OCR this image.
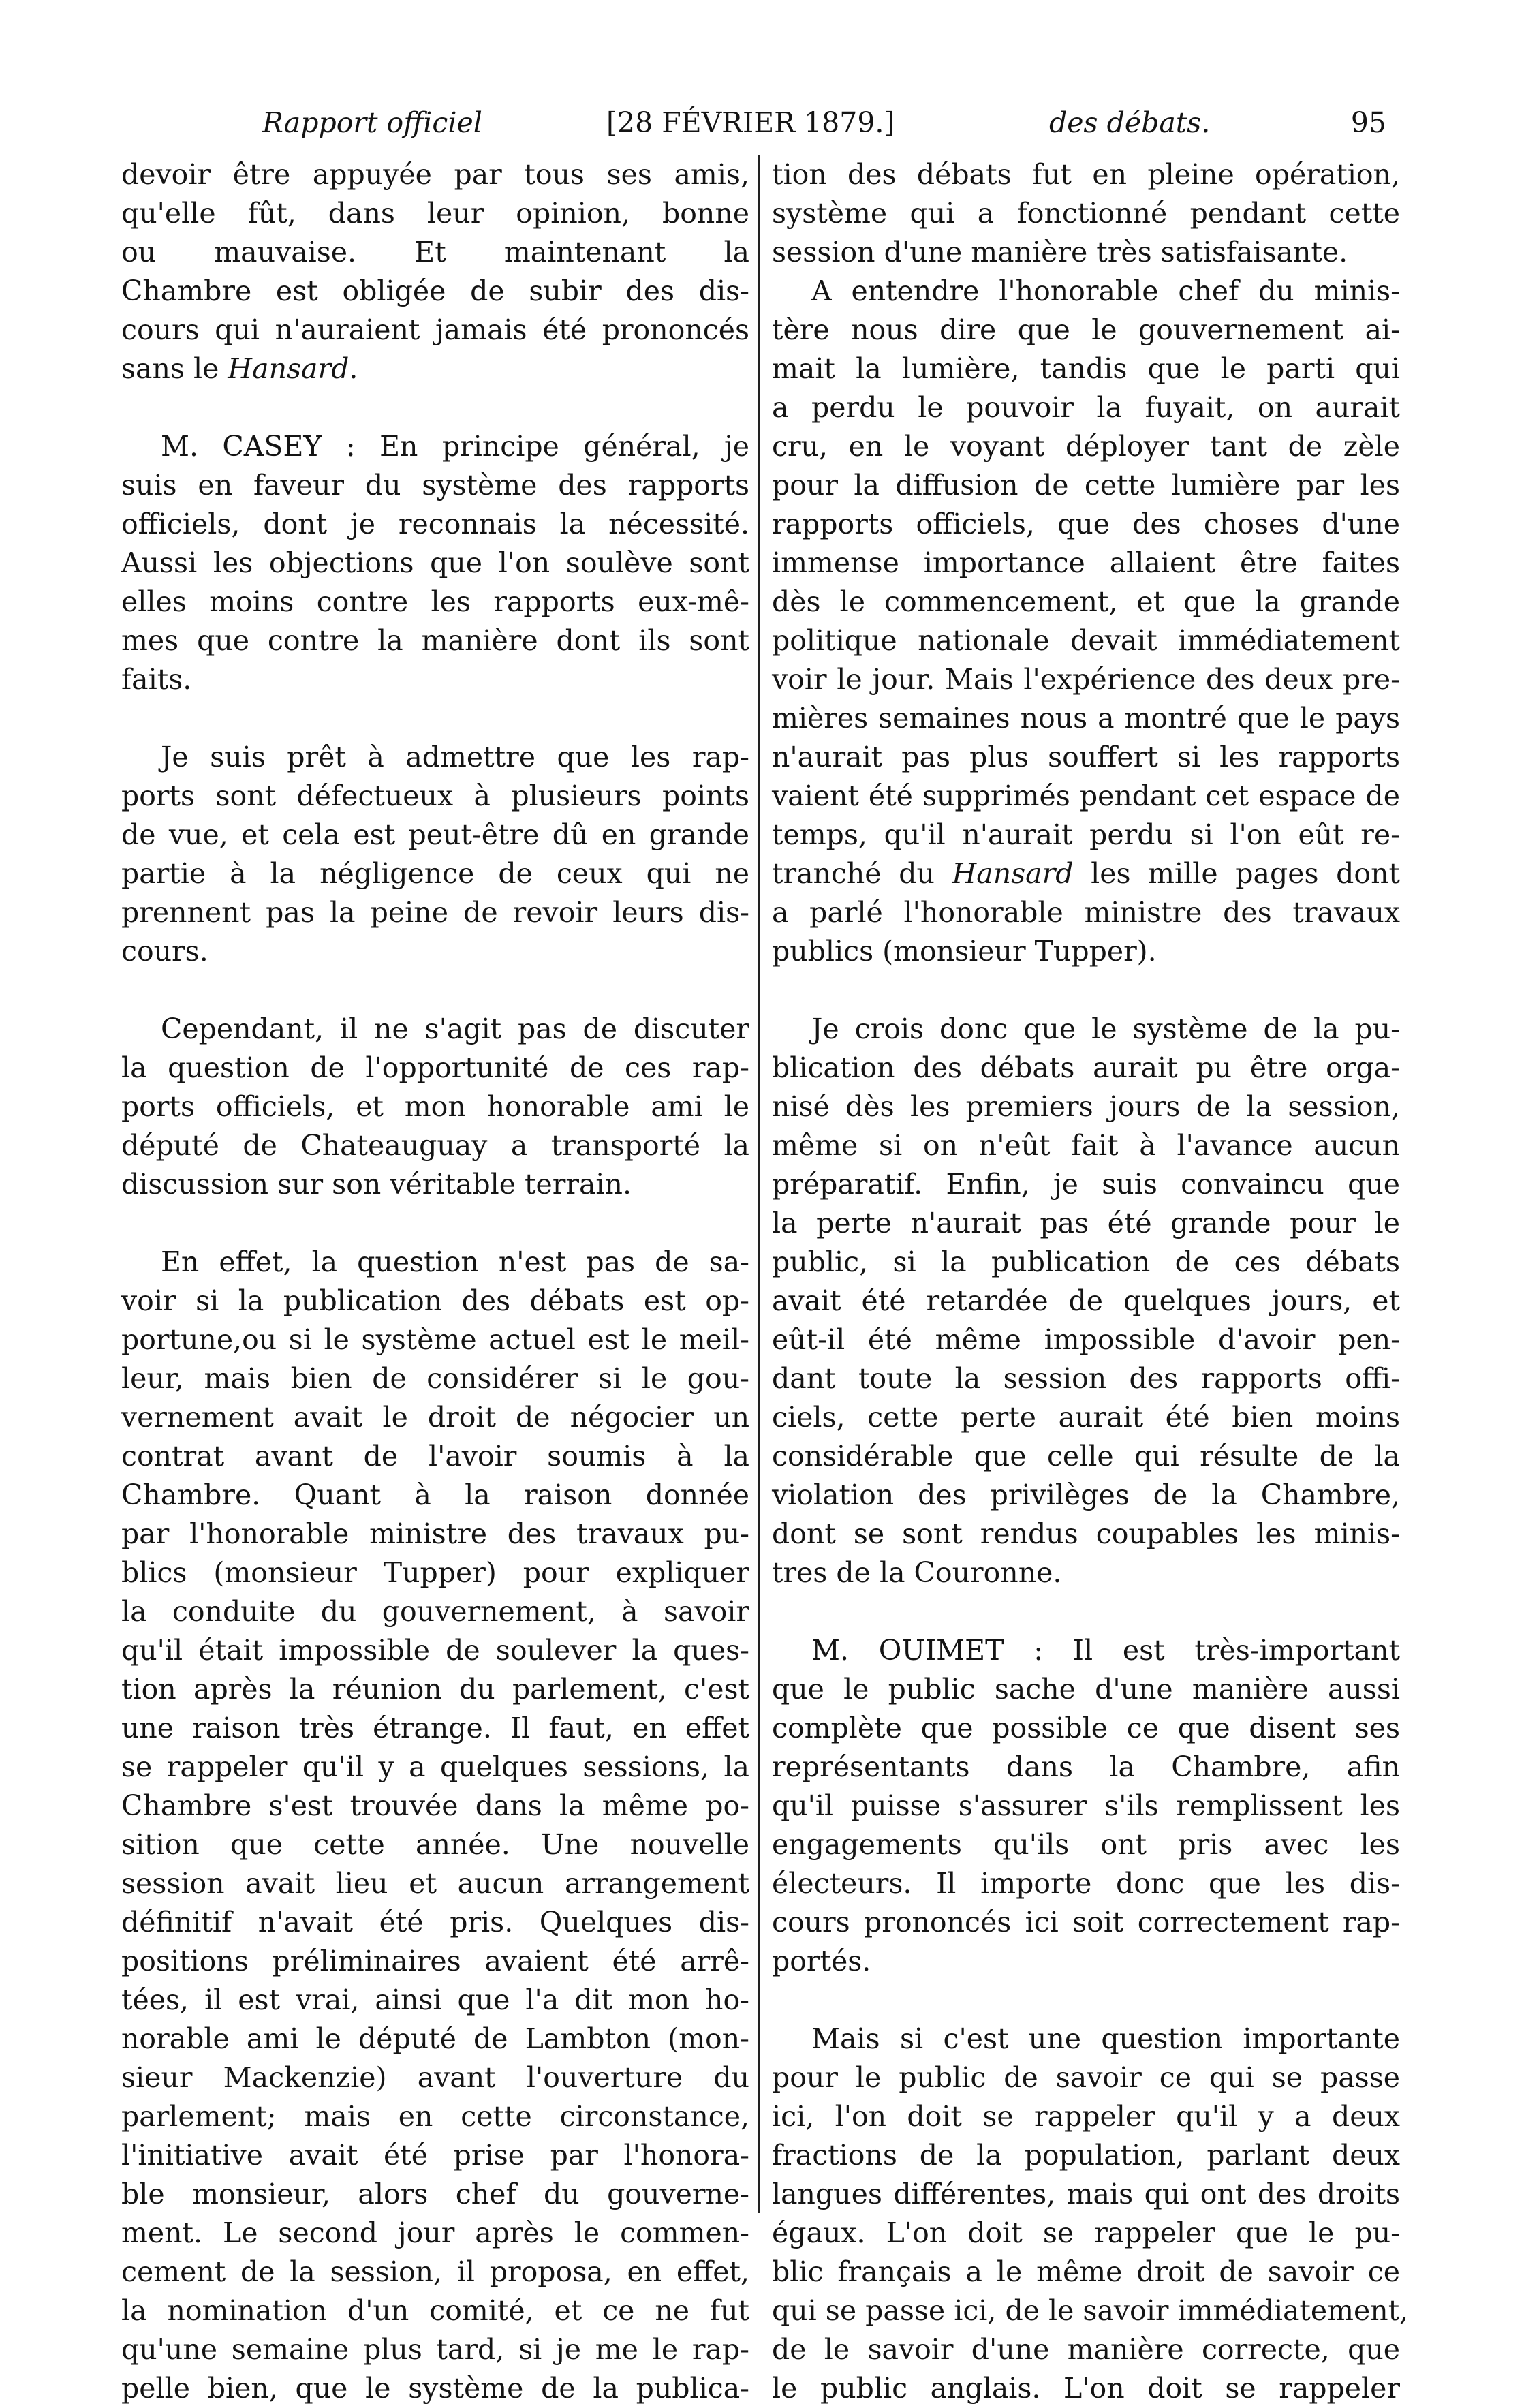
Rapport officiel	[28 FÉVRIER 1879.]	des débats.	95
devoir être appuyée par tous ses amis,
qu'elle fût, dans leur opinion, bonne
ou mauvaise. Et maintenant la
Chambre est obligée de subir des dis-
cours qui n'auraient jamais été prononcés
sans le Hansard.
M. CASEY : En principe général, je
suis en faveur du système des rapports
officiels, dont je reconnais la nécessité.
Aussi les objections que l'on soulève sont
elles moins contre les rapports eux-mê-
mes que contre la manière dont ils sont
faits.
Je suis prêt à admettre que les rap-
ports sont défectueux à plusieurs points
de vue, et cela est peut-être dû en grande
partie à la négligence de ceux qui ne
prennent pas la peine de revoir leurs dis-
cours.
Cependant, il ne s'agit pas de discuter
la question de l'opportunité de ces rap-
ports officiels, et mon honorable ami le
député de Chateauguay a transporté la
discussion sur son véritable terrain.
En effet, la question n'est pas de sa-
voir si la publication des débats est op-
portune,ou si le système actuel est le meil-
leur, mais bien de considérer si le gou-
vernement avait le droit de négocier un
contrat avant de l'avoir soumis à la
Chambre. Quant à la raison donnée
par l'honorable ministre des travaux pu-
blics (monsieur Tupper) pour expliquer
la conduite du gouvernement, à savoir
qu'il était impossible de soulever la ques-
tion après la réunion du parlement, c'est
une raison très étrange. Il faut, en effet
se rappeler qu'il y a quelques sessions, la
Chambre s'est trouvée dans la même po-
sition que cette année. Une nouvelle
session avait lieu et aucun arrangement
définitif n'avait été pris. Quelques dis-
positions préliminaires avaient été arrê-
tées, il est vrai, ainsi que l'a dit mon ho-
norable ami le député de Lambton (mon-
sieur Mackenzie) avant l'ouverture du
parlement; mais en cette circonstance,
l'initiative avait été prise par l'honora-
ble monsieur, alors chef du gouverne-
ment. Le second jour après le commen-
cement de la session, il proposa, en effet,
la nomination d'un comité, et ce ne fut
qu'une semaine plus tard, si je me le rap-
pelle bien, que le système de la publica-
tion des débats fut en pleine opération,
système qui a fonctionné pendant cette
session d'une manière très satisfaisante.
A entendre l'honorable chef du minis-
tère nous dire que le gouvernement ai-
mait la lumière, tandis que le parti qui
a perdu le pouvoir la fuyait, on aurait
cru, en le voyant déployer tant de zèle
pour la diffusion de cette lumière par les
rapports officiels, que des choses d'une
immense importance allaient être faites
dès le commencement, et que la grande
politique nationale devait immédiatement
voir le jour. Mais l'expérience des deux pre-
mières semaines nous a montré que le pays
n'aurait pas plus souffert si les rapports
vaient été supprimés pendant cet espace de
temps, qu'il n'aurait perdu si l'on eût re-
tranché du Hansard les mille pages dont
a parlé l'honorable ministre des travaux
publics (monsieur Tupper).
Je crois donc que le système de la pu-
blication des débats aurait pu être orga-
nisé dès les premiers jours de la session,
même si on n'eût fait à l'avance aucun
préparatif. Enfin, je suis convaincu que
la perte n'aurait pas été grande pour le
public, si la publication de ces débats
avait été retardée de quelques jours, et
eût-il été même impossible d'avoir pen-
dant toute la session des rapports offi-
ciels, cette perte aurait été bien moins
considérable que celle qui résulte de la
violation des privilèges de la Chambre,
dont se sont rendus coupables les minis-
tres de la Couronne.
M. OUIMET : Il est très-important
que le public sache d'une manière aussi
complète que possible ce que disent ses
représentants dans la Chambre, afin
qu'il puisse s'assurer s'ils remplissent les
engagements qu'ils ont pris avec les
électeurs. Il importe donc que les dis-
cours prononcés ici soit correctement rap-
portés.
Mais si c'est une question importante
pour le public de savoir ce qui se passe
ici, l'on doit se rappeler qu'il y a deux
fractions de la population, parlant deux
langues différentes, mais qui ont des droits
égaux. L'on doit se rappeler que le pu-
blic français a le même droit de savoir ce
qui se passe ici, de le savoir immédiatement,
de le savoir d'une manière correcte, que
le public anglais. L'on doit se rappeler
